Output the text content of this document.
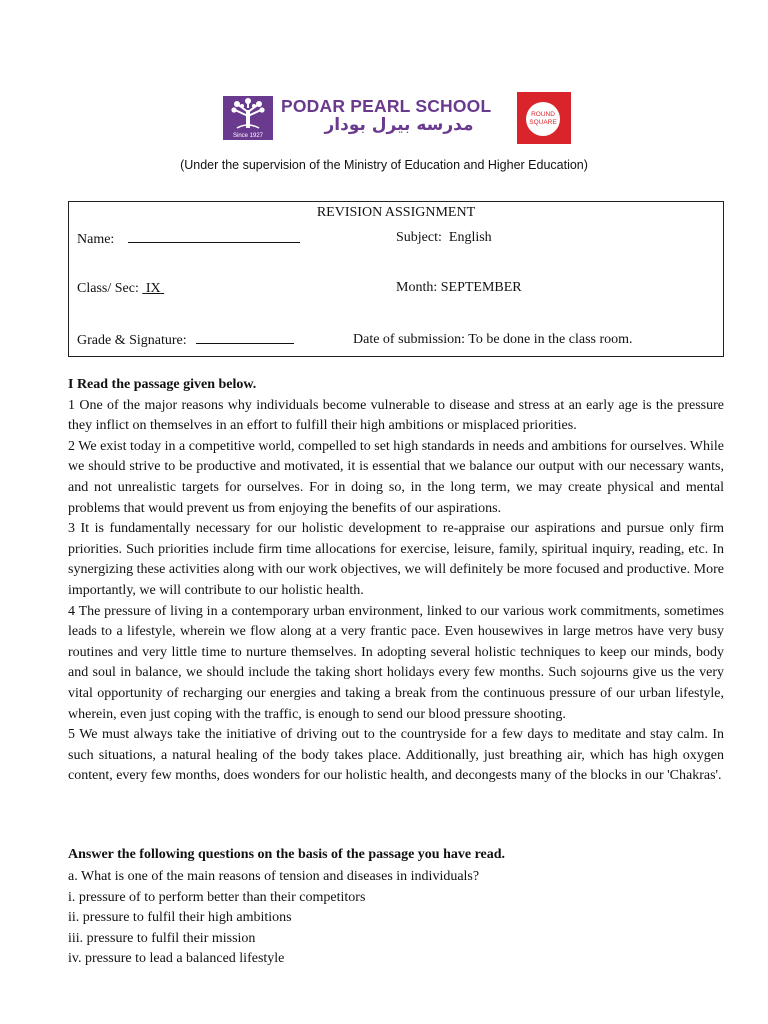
Since 1927
PODAR PEARL SCHOOL
مدرسه بيرل بودار
ROUND SQUARE
(Under the supervision of the Ministry of Education and Higher Education)
REVISION ASSIGNMENT
Name:	Subject: English
Class/ Sec: IX	Month: SEPTEMBER
Grade & Signature:	Date of submission: To be done in the class room.
I Read the passage given below.

1 One of the major reasons why individuals become vulnerable to disease and stress at an early age is the pressure they inflict on themselves in an effort to fulfill their high ambitions or misplaced priorities.

2 We exist today in a competitive world, compelled to set high standards in needs and ambitions for ourselves. While we should strive to be productive and motivated, it is essential that we balance our output with our necessary wants, and not unrealistic targets for ourselves. For in doing so, in the long term, we may create physical and mental problems that would prevent us from enjoying the benefits of our aspirations.

3 It is fundamentally necessary for our holistic development to re-appraise our aspirations and pursue only firm priorities. Such priorities include firm time allocations for exercise, leisure, family, spiritual inquiry, reading, etc. In synergizing these activities along with our work objectives, we will definitely be more focused and productive. More importantly, we will contribute to our holistic health.

4 The pressure of living in a contemporary urban environment, linked to our various work commitments, sometimes leads to a lifestyle, wherein we flow along at a very frantic pace. Even housewives in large metros have very busy routines and very little time to nurture themselves. In adopting several holistic techniques to keep our minds, body and soul in balance, we should include the taking short holidays every few months. Such sojourns give us the very vital opportunity of recharging our energies and taking a break from the continuous pressure of our urban lifestyle, wherein, even just coping with the traffic, is enough to send our blood pressure shooting.

5 We must always take the initiative of driving out to the countryside for a few days to meditate and stay calm. In such situations, a natural healing of the body takes place. Additionally, just breathing air, which has high oxygen content, every few months, does wonders for our holistic health, and decongests many of the blocks in our 'Chakras'.

Answer the following questions on the basis of the passage you have read.
a. What is one of the main reasons of tension and diseases in individuals?
i. pressure of to perform better than their competitors
ii. pressure to fulfil their high ambitions
iii. pressure to fulfil their mission
iv. pressure to lead a balanced lifestyle
